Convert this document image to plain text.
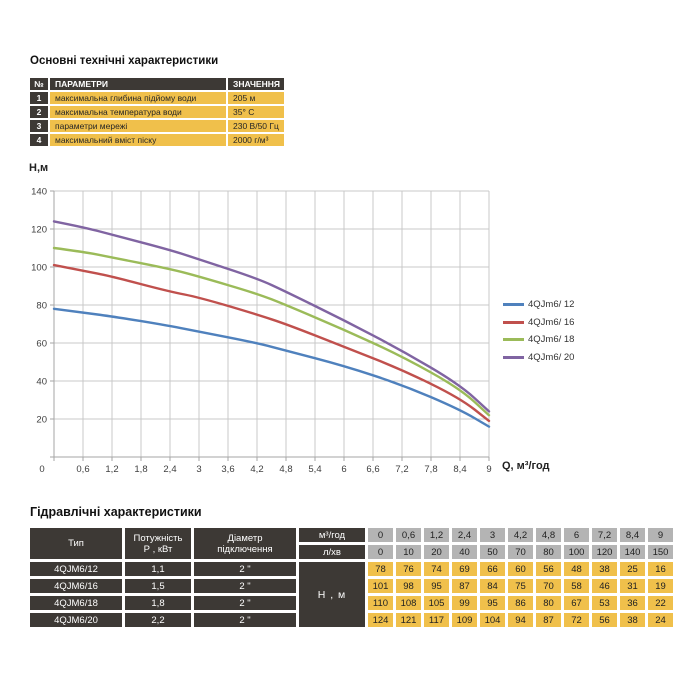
Основні технічні характеристики
№	ПАРАМЕТРИ	ЗНАЧЕННЯ
1	максимальна глибина підйому води	205 м
2	максимальна температура води	35° С
3	параметри мережі	230 В/50 Гц
4	максимальний вміст піску	2000 г/м³
Н,м
20
40
60
80
100
120
140
0	0,6 1,2 1,8 2,4 3 3,6 4,2 4,8 5,4 6 6,6 7,2 7,8 8,4 9 Q, м³/год
4QJm6/ 12
4QJm6/ 16
4QJm6/ 18
4QJm6/ 20
Гідравлічні характеристики
Тип	Потужність
Р , кВт
Діаметр
підключення
м³/год
л/хв
0	0,6	1,2	2,4	3	4,2	4,8	6	7,2	8,4	9
0	10	20	40	50	70	80	100	120	140	150
Н , м
4QJM6/12	1,1	2 "	78	76	74	69	66	60	56	48	38	25	16
4QJM6/16	1,5	2 "	101	98	95	87	84	75	70	58	46	31	19
4QJM6/18	1,8	2 "	110	108	105	99	95	86	80	67	53	36	22
4QJM6/20	2,2	2 "	124	121	117	109	104	94	87	72	56	38	24
